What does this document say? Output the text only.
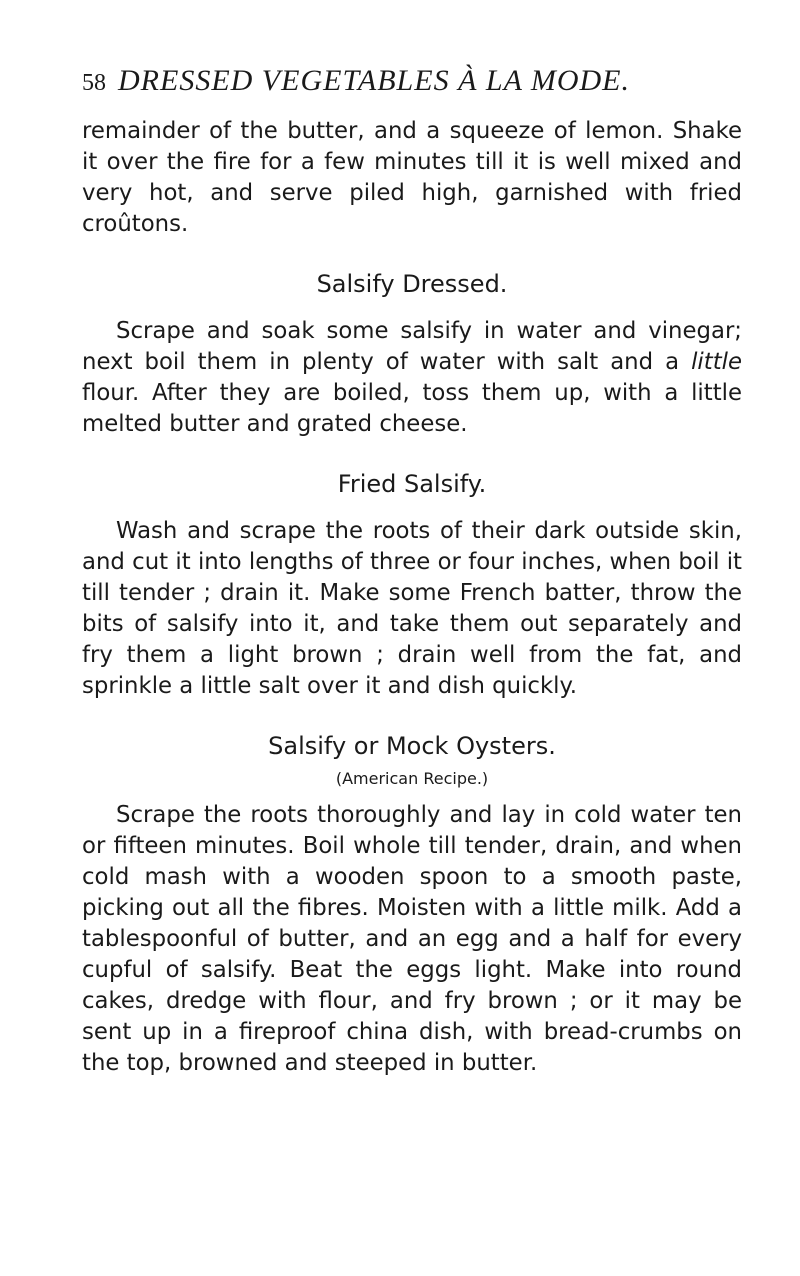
58 DRESSED VEGETABLES À LA MODE.

remainder of the butter, and a squeeze of lemon. Shake it over the fire for a few minutes till it is well mixed and very hot, and serve piled high, garnished with fried croûtons.

Salsify Dressed.

Scrape and soak some salsify in water and vinegar; next boil them in plenty of water with salt and a little flour. After they are boiled, toss them up, with a little melted butter and grated cheese.

Fried Salsify.

Wash and scrape the roots of their dark outside skin, and cut it into lengths of three or four inches, when boil it till tender ; drain it. Make some French batter, throw the bits of salsify into it, and take them out separately and fry them a light brown ; drain well from the fat, and sprinkle a little salt over it and dish quickly.

Salsify or Mock Oysters.
(American Recipe.)

Scrape the roots thoroughly and lay in cold water ten or fifteen minutes. Boil whole till tender, drain, and when cold mash with a wooden spoon to a smooth paste, picking out all the fibres. Moisten with a little milk. Add a tablespoonful of butter, and an egg and a half for every cupful of salsify. Beat the eggs light. Make into round cakes, dredge with flour, and fry brown ; or it may be sent up in a fireproof china dish, with bread-crumbs on the top, browned and steeped in butter.
